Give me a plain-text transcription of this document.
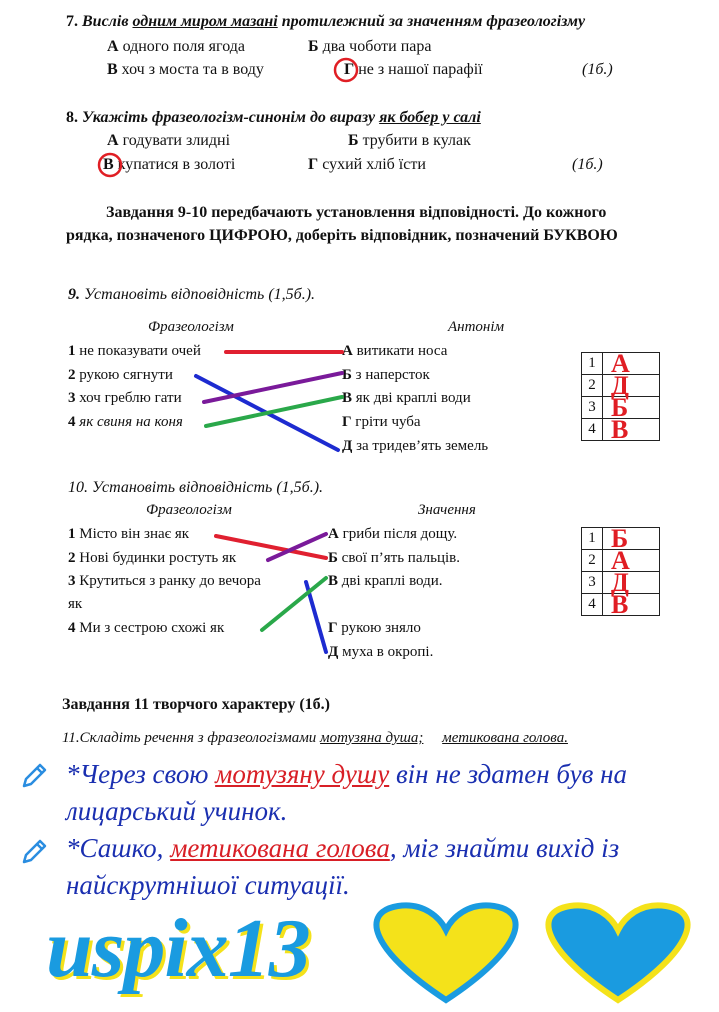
7. Вислів одним миром мазані протилежний за значенням фразеологізму
А одного поля ягода	Б два чоботи пара
В хоч з моста та в воду	Г не з нашої парафії	(1б.)
8. Укажіть фразеологізм-синонім до виразу як бобер у салі
А годувати злидні	Б трубити в кулак
В купатися в золоті	Г сухий хліб їсти	(1б.)
Завдання 9-10 передбачають установлення відповідності. До кожного рядка, позначеного ЦИФРОЮ, доберіть відповідник, позначений БУКВОЮ
9. Установіть відповідність (1,5б.).
Фразеологізм	Антонім
1 не показувати очей
2 рукою сягнути
3 хоч греблю гати
4 як свиня на коня
А витикати носа
Б з наперсток
В як дві краплі води
Г гріти чуба
Д за тридев’ять земель
1	А

2	Д

3	Б

4	В
10. Установіть відповідність (1,5б.).
Фразеологізм	Значення
1 Місто він знає як
2 Нові будинки ростуть як
3 Крутиться з ранку до вечора
як
4 Ми з сестрою схожі як
А гриби після дощу.
Б свої п’ять пальців.
В дві краплі води.
Г рукою зняло
Д муха в окропі.
1	Б

2	А

3	Д

4	В
Завдання 11 творчого характеру (1б.)
11.Складіть речення з фразеологізмами мотузяна душа; метикована голова.
*Через свою мотузяну душу він не здатен був на лицарський учинок.
*Сашко, метикована голова, міг знайти вихід із найскрутнішої ситуації.
uspix13
